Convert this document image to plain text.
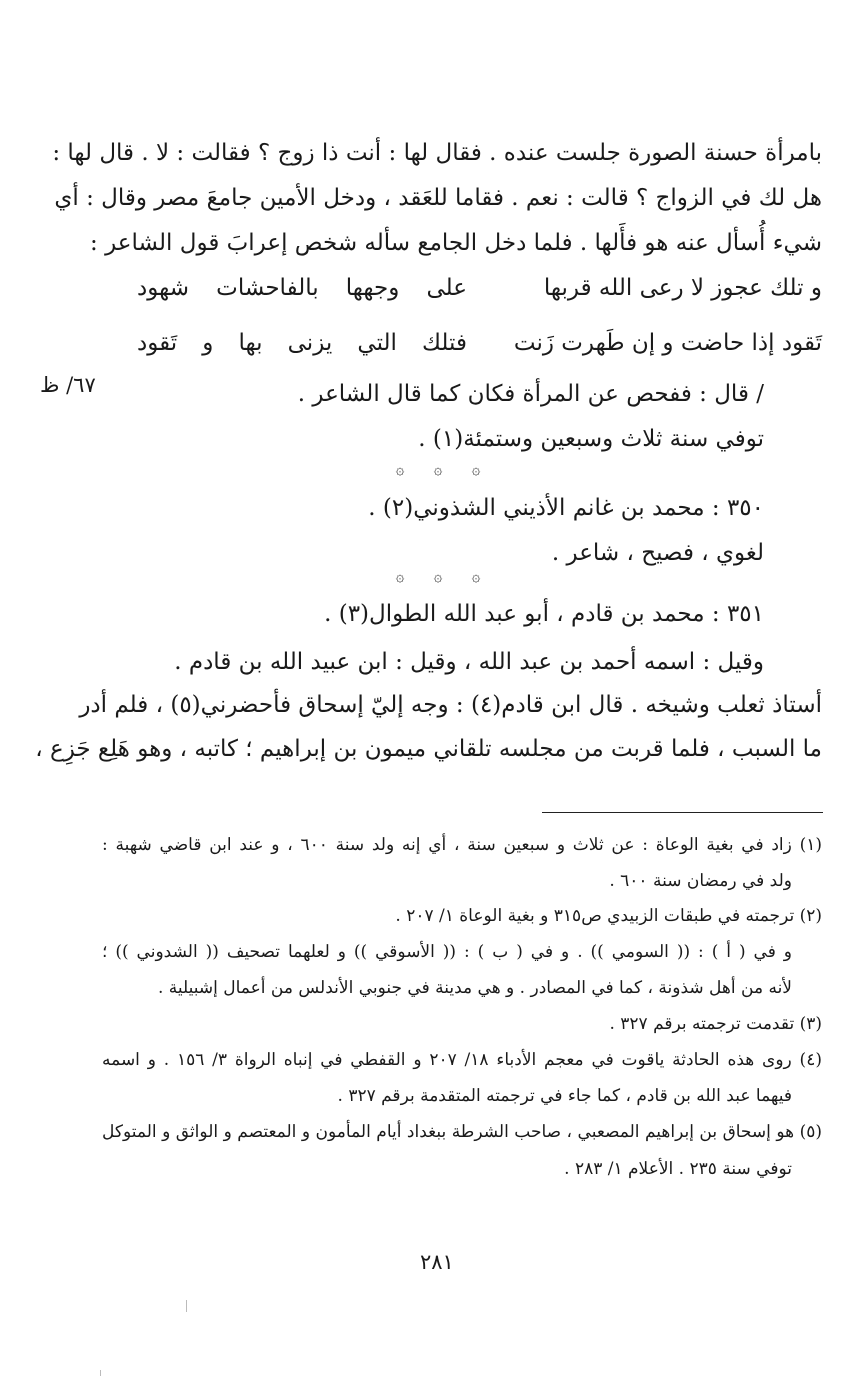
بامرأة حسنة الصورة جلست عنده . فقال لها : أنت ذا زوج ؟ فقالت : لا . قال لها :
هل لك في الزواج ؟ قالت : نعم . فقاما للعَقد ، ودخل الأمين جامعَ مصر وقال : أي
شيء أُسأل عنه هو فأَلها . فلما دخل الجامع سأله شخص إعرابَ قول الشاعر :
و تلك عجوز لا رعى الله قربها
على وجهها بالفاحشات شهود
تَقود إذا حاضت و إن طَهرت زَنت
فتلك التي يزنى بها و تَقود
٦٧/ ظ	/ قال : ففحص عن المرأة فكان كما قال الشاعر .
توفي سنة ثلاث وسبعين وستمئة(١) .
۞ ۞ ۞
٣٥٠ : محمد بن غانم الأذيني الشذوني(٢) .
لغوي ، فصيح ، شاعر .
۞ ۞ ۞
٣٥١ : محمد بن قادم ، أبو عبد الله الطوال(٣) .
وقيل : اسمه أحمد بن عبد الله ، وقيل : ابن عبيد الله بن قادم .
أستاذ ثعلب وشيخه . قال ابن قادم(٤) : وجه إليّ إسحاق فأحضرني(٥) ، فلم أدر
ما السبب ، فلما قربت من مجلسه تلقاني ميمون بن إبراهيم ؛ كاتبه ، وهو هَلِع جَزِع ،
(١) زاد في بغية الوعاة : عن ثلاث و سبعين سنة ، أي إنه ولد سنة ٦٠٠ ، و عند ابن قاضي شهبة :
ولد في رمضان سنة ٦٠٠ .
(٢) ترجمته في طبقات الزبيدي ص٣١٥ و بغية الوعاة ١/ ٢٠٧ .
و في ( أ ) : (( السومي )) . و في ( ب ) : (( الأسوقي )) و لعلهما تصحيف (( الشدوني )) ؛
لأنه من أهل شذونة ، كما في المصادر . و هي مدينة في جنوبي الأندلس من أعمال إشبيلية .
(٣) تقدمت ترجمته برقم ٣٢٧ .
(٤) روى هذه الحادثة ياقوت في معجم الأدباء ١٨/ ٢٠٧ و القفطي في إنباه الرواة ٣/ ١٥٦ . و اسمه
فيهما عبد الله بن قادم ، كما جاء في ترجمته المتقدمة برقم ٣٢٧ .
(٥) هو إسحاق بن إبراهيم المصعبي ، صاحب الشرطة ببغداد أيام المأمون و المعتصم و الواثق و المتوكل
توفي سنة ٢٣٥ . الأعلام ١/ ٢٨٣ .
٢٨١
